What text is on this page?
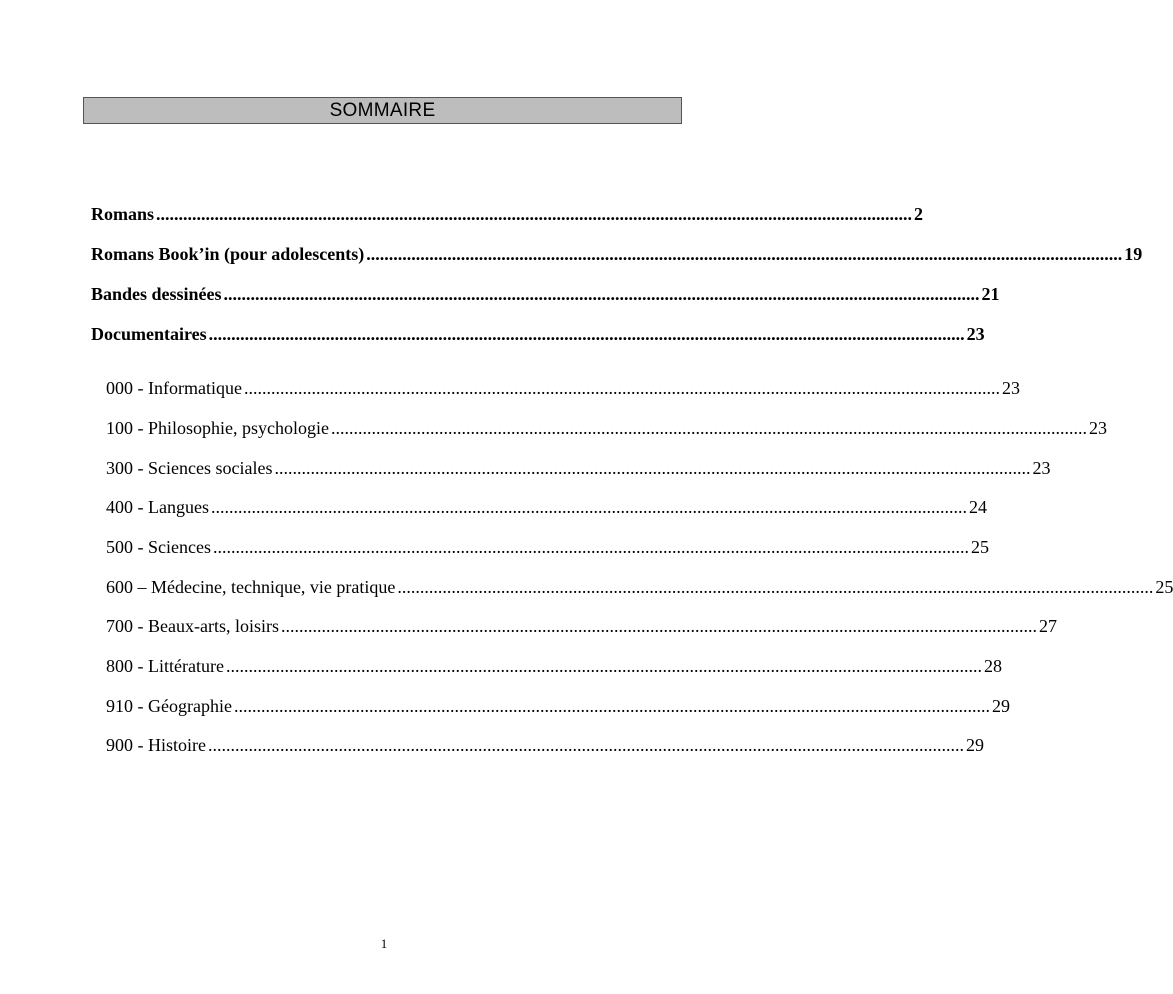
SOMMAIRE
Romans ........................................................................................................................................................................ 2
Romans Book’in (pour adolescents) ........................................................................................................................................................................ 19
Bandes dessinées ........................................................................................................................................................................ 21
Documentaires ........................................................................................................................................................................ 23
000 - Informatique ........................................................................................................................................................................ 23
100 - Philosophie, psychologie ........................................................................................................................................................................ 23
300 - Sciences sociales ........................................................................................................................................................................ 23
400 - Langues ........................................................................................................................................................................ 24
500 - Sciences ........................................................................................................................................................................ 25
600 – Médecine, technique, vie pratique ........................................................................................................................................................................ 25
700 - Beaux-arts, loisirs ........................................................................................................................................................................ 27
800 - Littérature ........................................................................................................................................................................ 28
910 - Géographie ........................................................................................................................................................................ 29
900 - Histoire ........................................................................................................................................................................ 29
1
